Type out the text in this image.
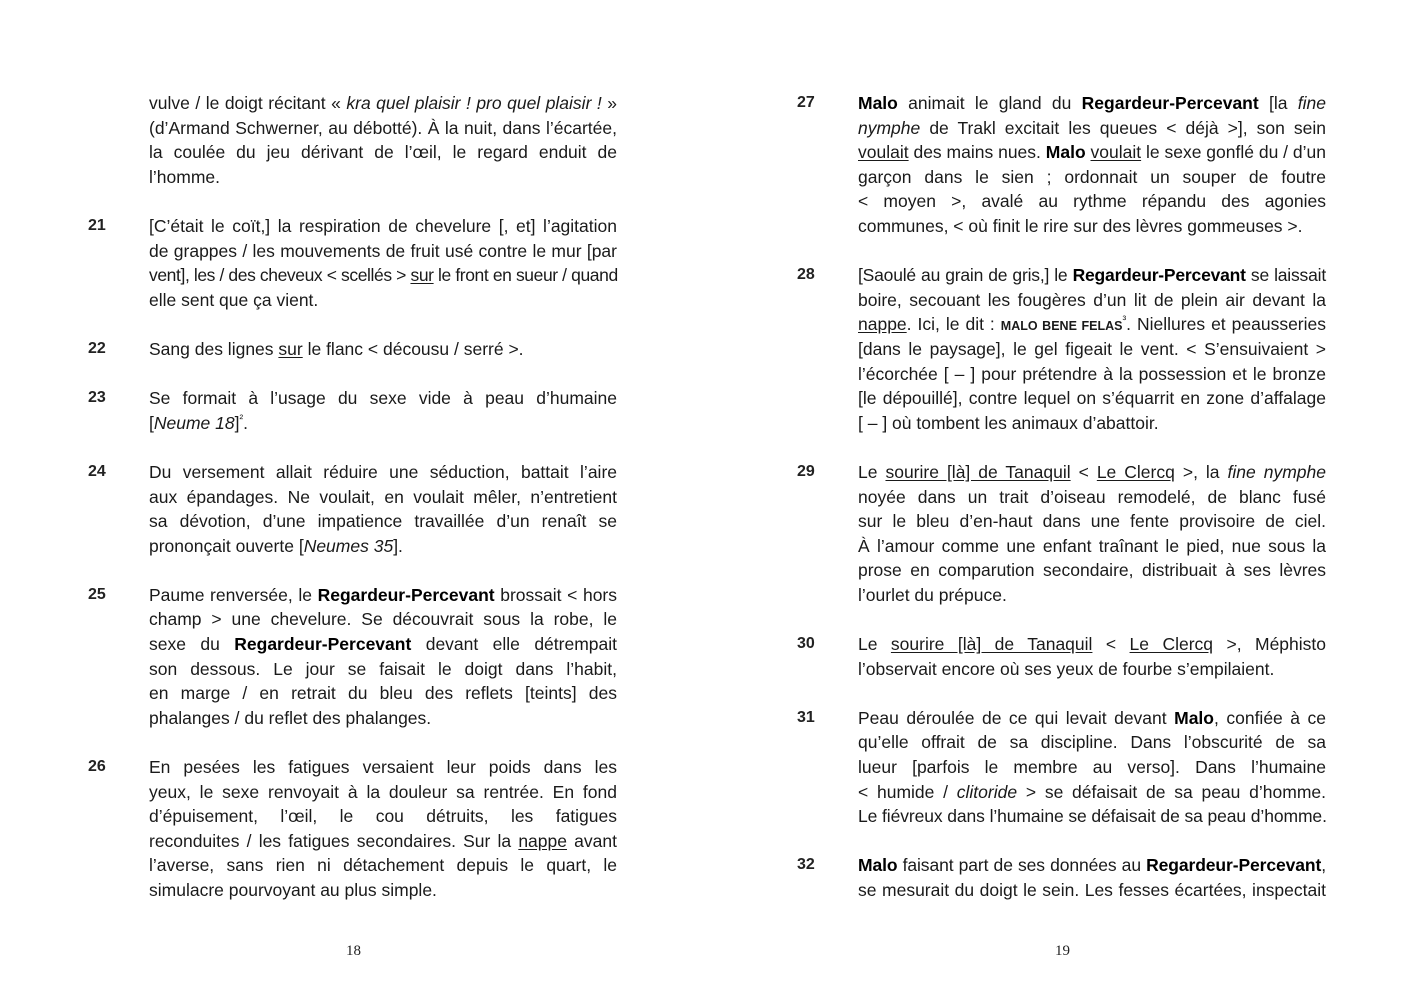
vulve / le doigt récitant « kra quel plaisir ! pro quel plaisir ! »
(d’Armand Schwerner, au débotté). À la nuit, dans l’écartée,
la coulée du jeu dérivant de l’œil, le regard enduit de
l’homme.
21 [C’était le coït,] la respiration de chevelure [, et] l’agitation
de grappes / les mouvements de fruit usé contre le mur [par
vent], les / des cheveux < scellés > sur le front en sueur / quand
elle sent que ça vient.
22 Sang des lignes sur le flanc < décousu / serré >.
23 Se formait à l’usage du sexe vide à peau d’humaine
[Neume 18]$^{^2}$.
24 Du versement allait réduire une séduction, battait l’aire
aux épandages. Ne voulait, en voulait mêler, n’entretient
sa dévotion, d’une impatience travaillée d’un renaît se
prononçait ouverte [Neumes 35].
25 Paume renversée, le Regardeur-Percevant brossait < hors
champ > une chevelure. Se découvrait sous la robe, le
sexe du Regardeur-Percevant devant elle détrempait
son dessous. Le jour se faisait le doigt dans l’habit,
en marge / en retrait du bleu des reflets [teints] des
phalanges / du reflet des phalanges.
26 En pesées les fatigues versaient leur poids dans les
yeux, le sexe renvoyait à la douleur sa rentrée. En fond
d’épuisement, l’œil, le cou détruits, les fatigues
reconduites / les fatigues secondaires. Sur la nappe avant
l’averse, sans rien ni détachement depuis le quart, le
simulacre pourvoyant au plus simple.
27 Malo animait le gland du Regardeur-Percevant [la fine
nymphe de Trakl excitait les queues < déjà >], son sein
voulait des mains nues. Malo voulait le sexe gonflé du / d’un
garçon dans le sien ; ordonnait un souper de foutre
< moyen >, avalé au rythme répandu des agonies
communes, < où finit le rire sur des lèvres gommeuses >.
28 [Saoulé au grain de gris,] le Regardeur-Percevant se laissait
boire, secouant les fougères d’un lit de plein air devant la
nappe. Ici, le dit : MALO BENE $FELAS^{^3}$. Niellures et peausseries
[dans le paysage], le gel figeait le vent. < S’ensuivaient >
l’écorchée [ – ] pour prétendre à la possession et le bronze
[le dépouillé], contre lequel on s’équarrit en zone d’affalage
[ – ] où tombent les animaux d’abattoir.
29 Le sourire [là] de Tanaquil < Le Clercq >, la fine nymphe
noyée dans un trait d’oiseau remodelé, de blanc fusé
sur le bleu d’en-haut dans une fente provisoire de ciel.
À l’amour comme une enfant traînant le pied, nue sous la
prose en comparution secondaire, distribuait à ses lèvres
l’ourlet du prépuce.
30 Le sourire [là] de Tanaquil < Le Clercq >, Méphisto
l’observait encore où ses yeux de fourbe s’empilaient.
31 Peau déroulée de ce qui levait devant Malo, confiée à ce
qu’elle offrait de sa discipline. Dans l’obscurité de sa
lueur [parfois le membre au verso]. Dans l’humaine
< humide / clitoride > se défaisait de sa peau d’homme.
Le fiévreux dans l’humaine se défaisait de sa peau d’homme.
32 Malo faisant part de ses données au Regardeur-Percevant,
se mesurait du doigt le sein. Les fesses écartées, inspectait
18	19
